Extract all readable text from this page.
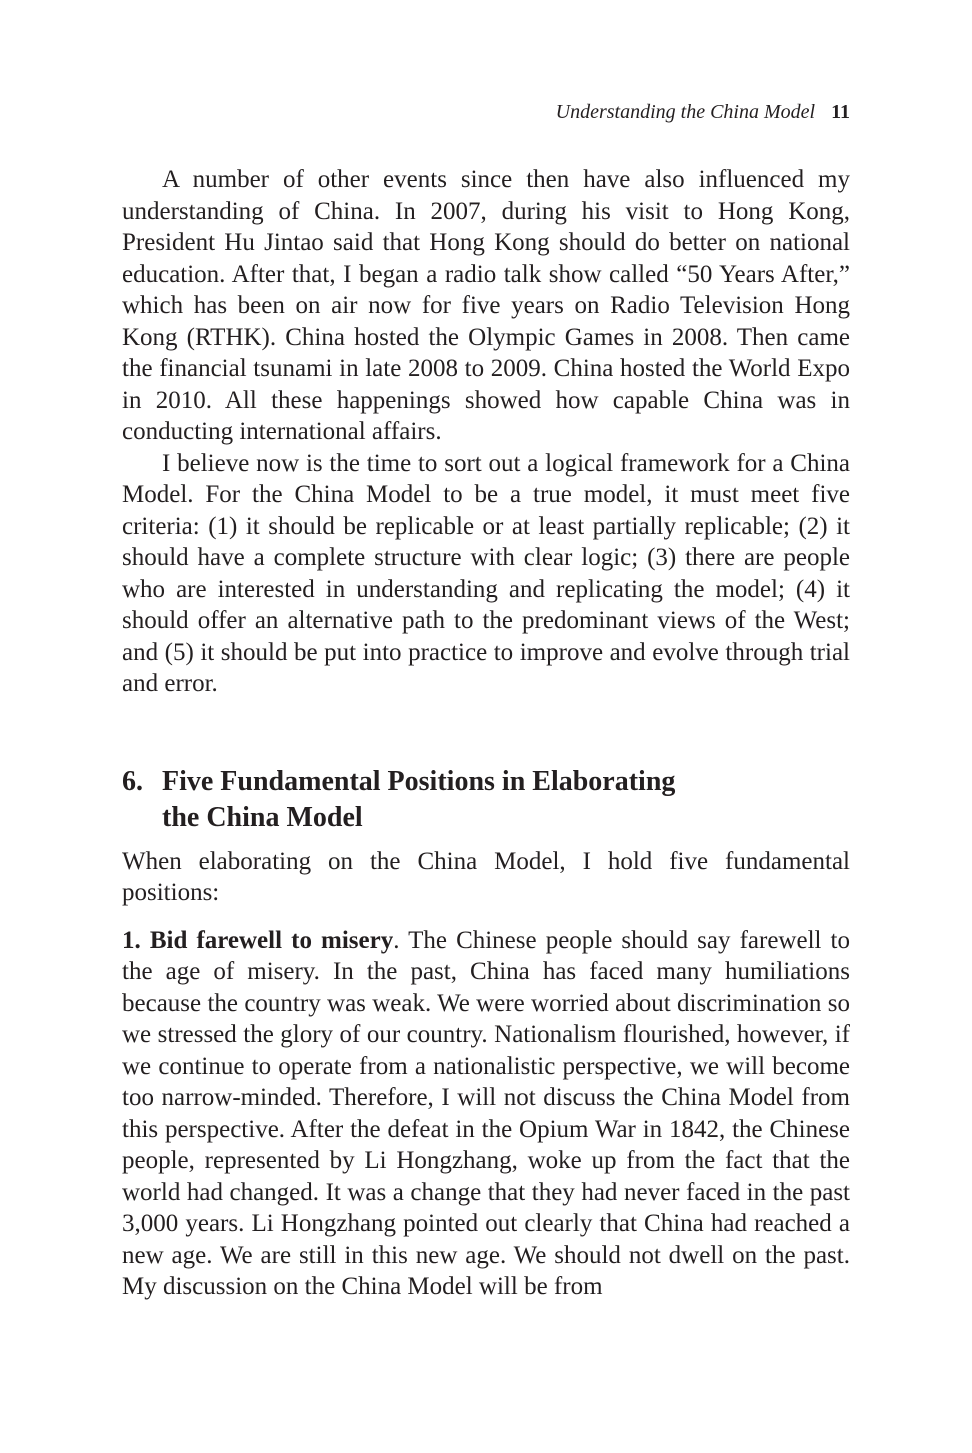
Understanding the China Model 11

A number of other events since then have also influenced my understanding of China. In 2007, during his visit to Hong Kong, President Hu Jintao said that Hong Kong should do better on national education. After that, I began a radio talk show called “50 Years After,” which has been on air now for five years on Radio Television Hong Kong (RTHK). China hosted the Olympic Games in 2008. Then came the financial tsunami in late 2008 to 2009. China hosted the World Expo in 2010. All these happenings showed how capable China was in conducting international affairs.

I believe now is the time to sort out a logical framework for a China Model. For the China Model to be a true model, it must meet five criteria: (1) it should be replicable or at least partially replicable; (2) it should have a complete structure with clear logic; (3) there are people who are interested in understanding and replicating the model; (4) it should offer an alternative path to the predominant views of the West; and (5) it should be put into practice to improve and evolve through trial and error.

6. Five Fundamental Positions in Elaborating
the China Model

When elaborating on the China Model, I hold five fundamental positions:

1. Bid farewell to misery. The Chinese people should say farewell to the age of misery. In the past, China has faced many humiliations because the country was weak. We were worried about discrimination so we stressed the glory of our country. Nationalism flourished, however, if we continue to operate from a nationalistic perspective, we will become too narrow-minded. Therefore, I will not discuss the China Model from this perspective. After the defeat in the Opium War in 1842, the Chinese people, represented by Li Hongzhang, woke up from the fact that the world had changed. It was a change that they had never faced in the past 3,000 years. Li Hongzhang pointed out clearly that China had reached a new age. We are still in this new age. We should not dwell on the past. My discussion on the China Model will be from
